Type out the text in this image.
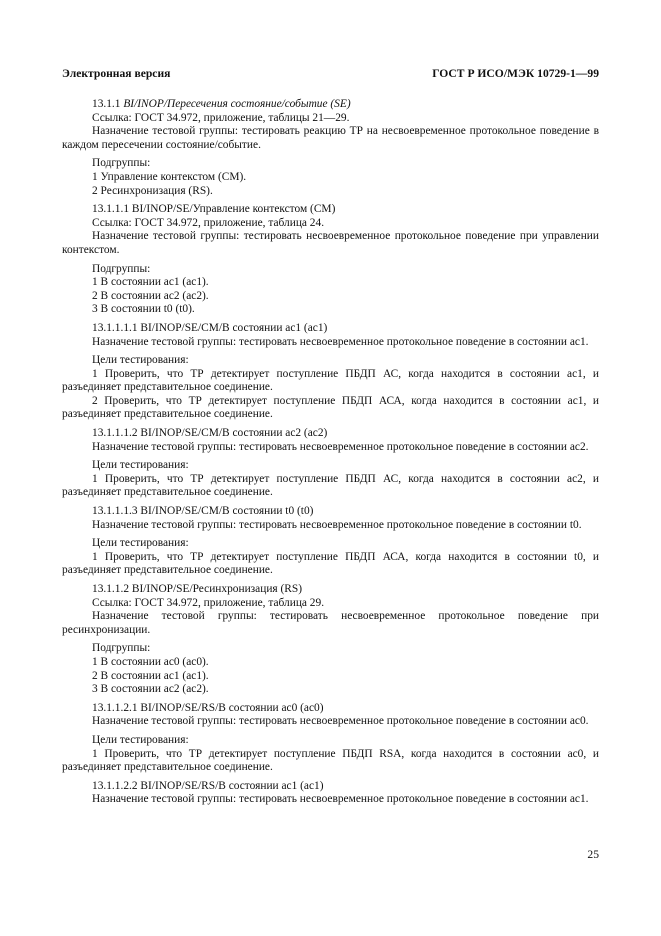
Электронная версия	ГОСТ Р ИСО/МЭК 10729-1—99

13.1.1 BI/INOP/Пересечения состояние/событие (SE)

Ссылка: ГОСТ 34.972, приложение, таблицы 21—29.

Назначение тестовой группы: тестировать реакцию ТР на несвоевременное протокольное поведение в каждом пересечении состояние/событие.

Подгруппы:

1 Управление контекстом (СМ).

2 Ресинхронизация (RS).

13.1.1.1 BI/INOP/SE/Управление контекстом (СМ)

Ссылка: ГОСТ 34.972, приложение, таблица 24.

Назначение тестовой группы: тестировать несвоевременное протокольное поведение при управлении контекстом.

Подгруппы:

1 В состоянии ас1 (ас1).

2 В состоянии ас2 (ас2).

3 В состоянии t0 (t0).

13.1.1.1.1 BI/INOP/SE/CM/B состоянии ас1 (ас1)

Назначение тестовой группы: тестировать несвоевременное протокольное поведение в состоянии ас1.

Цели тестирования:

1 Проверить, что ТР детектирует поступление ПБДП АС, когда находится в состоянии ас1, и разъединяет представительное соединение.

2 Проверить, что ТР детектирует поступление ПБДП АСА, когда находится в состоянии ас1, и разъединяет представительное соединение.

13.1.1.1.2 BI/INOP/SE/CM/B состоянии ас2 (ас2)

Назначение тестовой группы: тестировать несвоевременное протокольное поведение в состоянии ас2.

Цели тестирования:

1 Проверить, что ТР детектирует поступление ПБДП АС, когда находится в состоянии ас2, и разъединяет представительное соединение.

13.1.1.1.3 BI/INOP/SE/CM/B состоянии t0 (t0)

Назначение тестовой группы: тестировать несвоевременное протокольное поведение в состоянии t0.

Цели тестирования:

1 Проверить, что ТР детектирует поступление ПБДП АСА, когда находится в состоянии t0, и разъединяет представительное соединение.

13.1.1.2 BI/INOP/SE/Ресинхронизация (RS)

Ссылка: ГОСТ 34.972, приложение, таблица 29.

Назначение тестовой группы: тестировать несвоевременное протокольное поведение при ресинхронизации.

Подгруппы:

1 В состоянии ас0 (ас0).

2 В состоянии ас1 (ас1).

3 В состоянии ас2 (ас2).

13.1.1.2.1 BI/INOP/SE/RS/B состоянии ас0 (ас0)

Назначение тестовой группы: тестировать несвоевременное протокольное поведение в состоянии ас0.

Цели тестирования:

1 Проверить, что ТР детектирует поступление ПБДП RSA, когда находится в состоянии ас0, и разъединяет представительное соединение.

13.1.1.2.2 BI/INOP/SE/RS/B состоянии ас1 (ас1)

Назначение тестовой группы: тестировать несвоевременное протокольное поведение в состоянии ас1.

25
